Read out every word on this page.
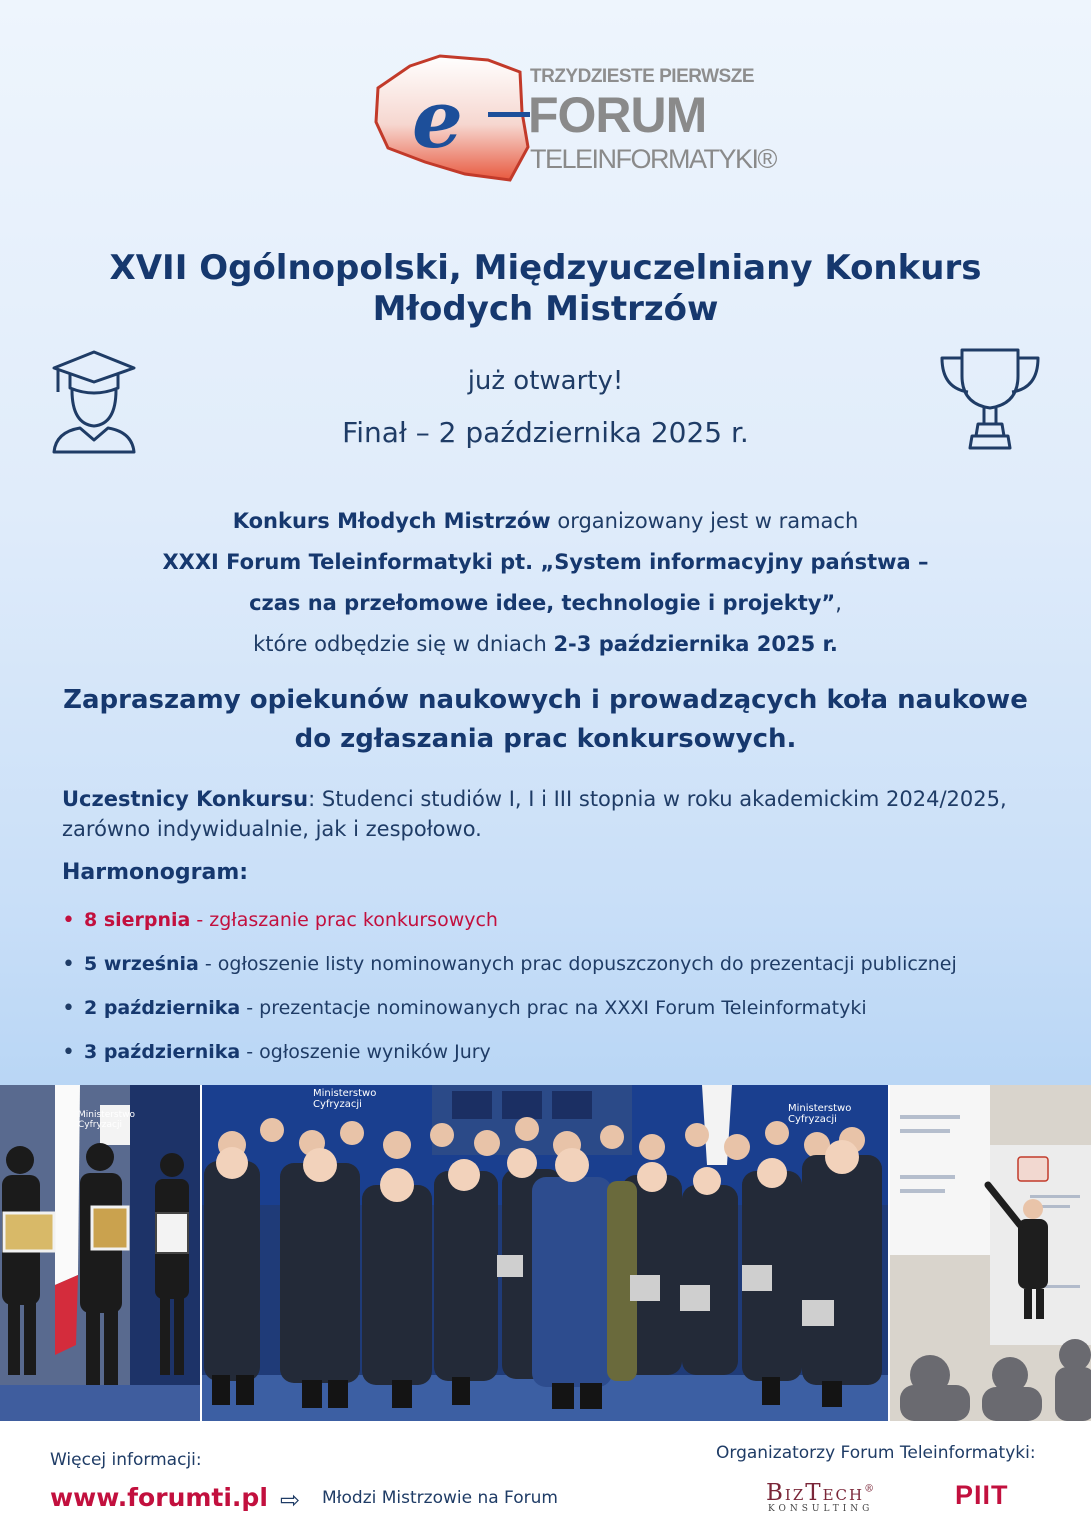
e	TRZYDZIESTE PIERWSZE
FORUM
TELEINFORMATYKI®
XVII Ogólnopolski, Międzyuczelniany Konkurs
Młodych Mistrzów
już otwarty!
Finał – 2 października 2025 r.
Konkurs Młodych Mistrzów organizowany jest w ramach
XXXI Forum Teleinformatyki pt. „System informacyjny państwa –
czas na przełomowe idee, technologie i projekty”,
które odbędzie się w dniach 2-3 października 2025 r.
Zapraszamy opiekunów naukowych i prowadzących koła naukowe
do zgłaszania prac konkursowych.
Uczestnicy Konkursu: Studenci studiów I, I i III stopnia w roku akademickim 2024/2025, zarówno indywidualnie, jak i zespołowo.
Harmonogram:
• 8 sierpnia - zgłaszanie prac konkursowych
• 5 września - ogłoszenie listy nominowanych prac dopuszczonych do prezentacji publicznej
• 2 października - prezentacje nominowanych prac na XXXI Forum Teleinformatyki
• 3 października - ogłoszenie wyników Jury
Ministerstwo
Cyfryzacji
Ministerstwo
Cyfryzacji	Ministerstwo
Cyfryzacji
Więcej informacji:
www.forumti.pl ⇨ Młodzi Mistrzowie na Forum
Organizatorzy Forum Teleinformatyki:
BIZTECH®
KONSULTING	PIIT
